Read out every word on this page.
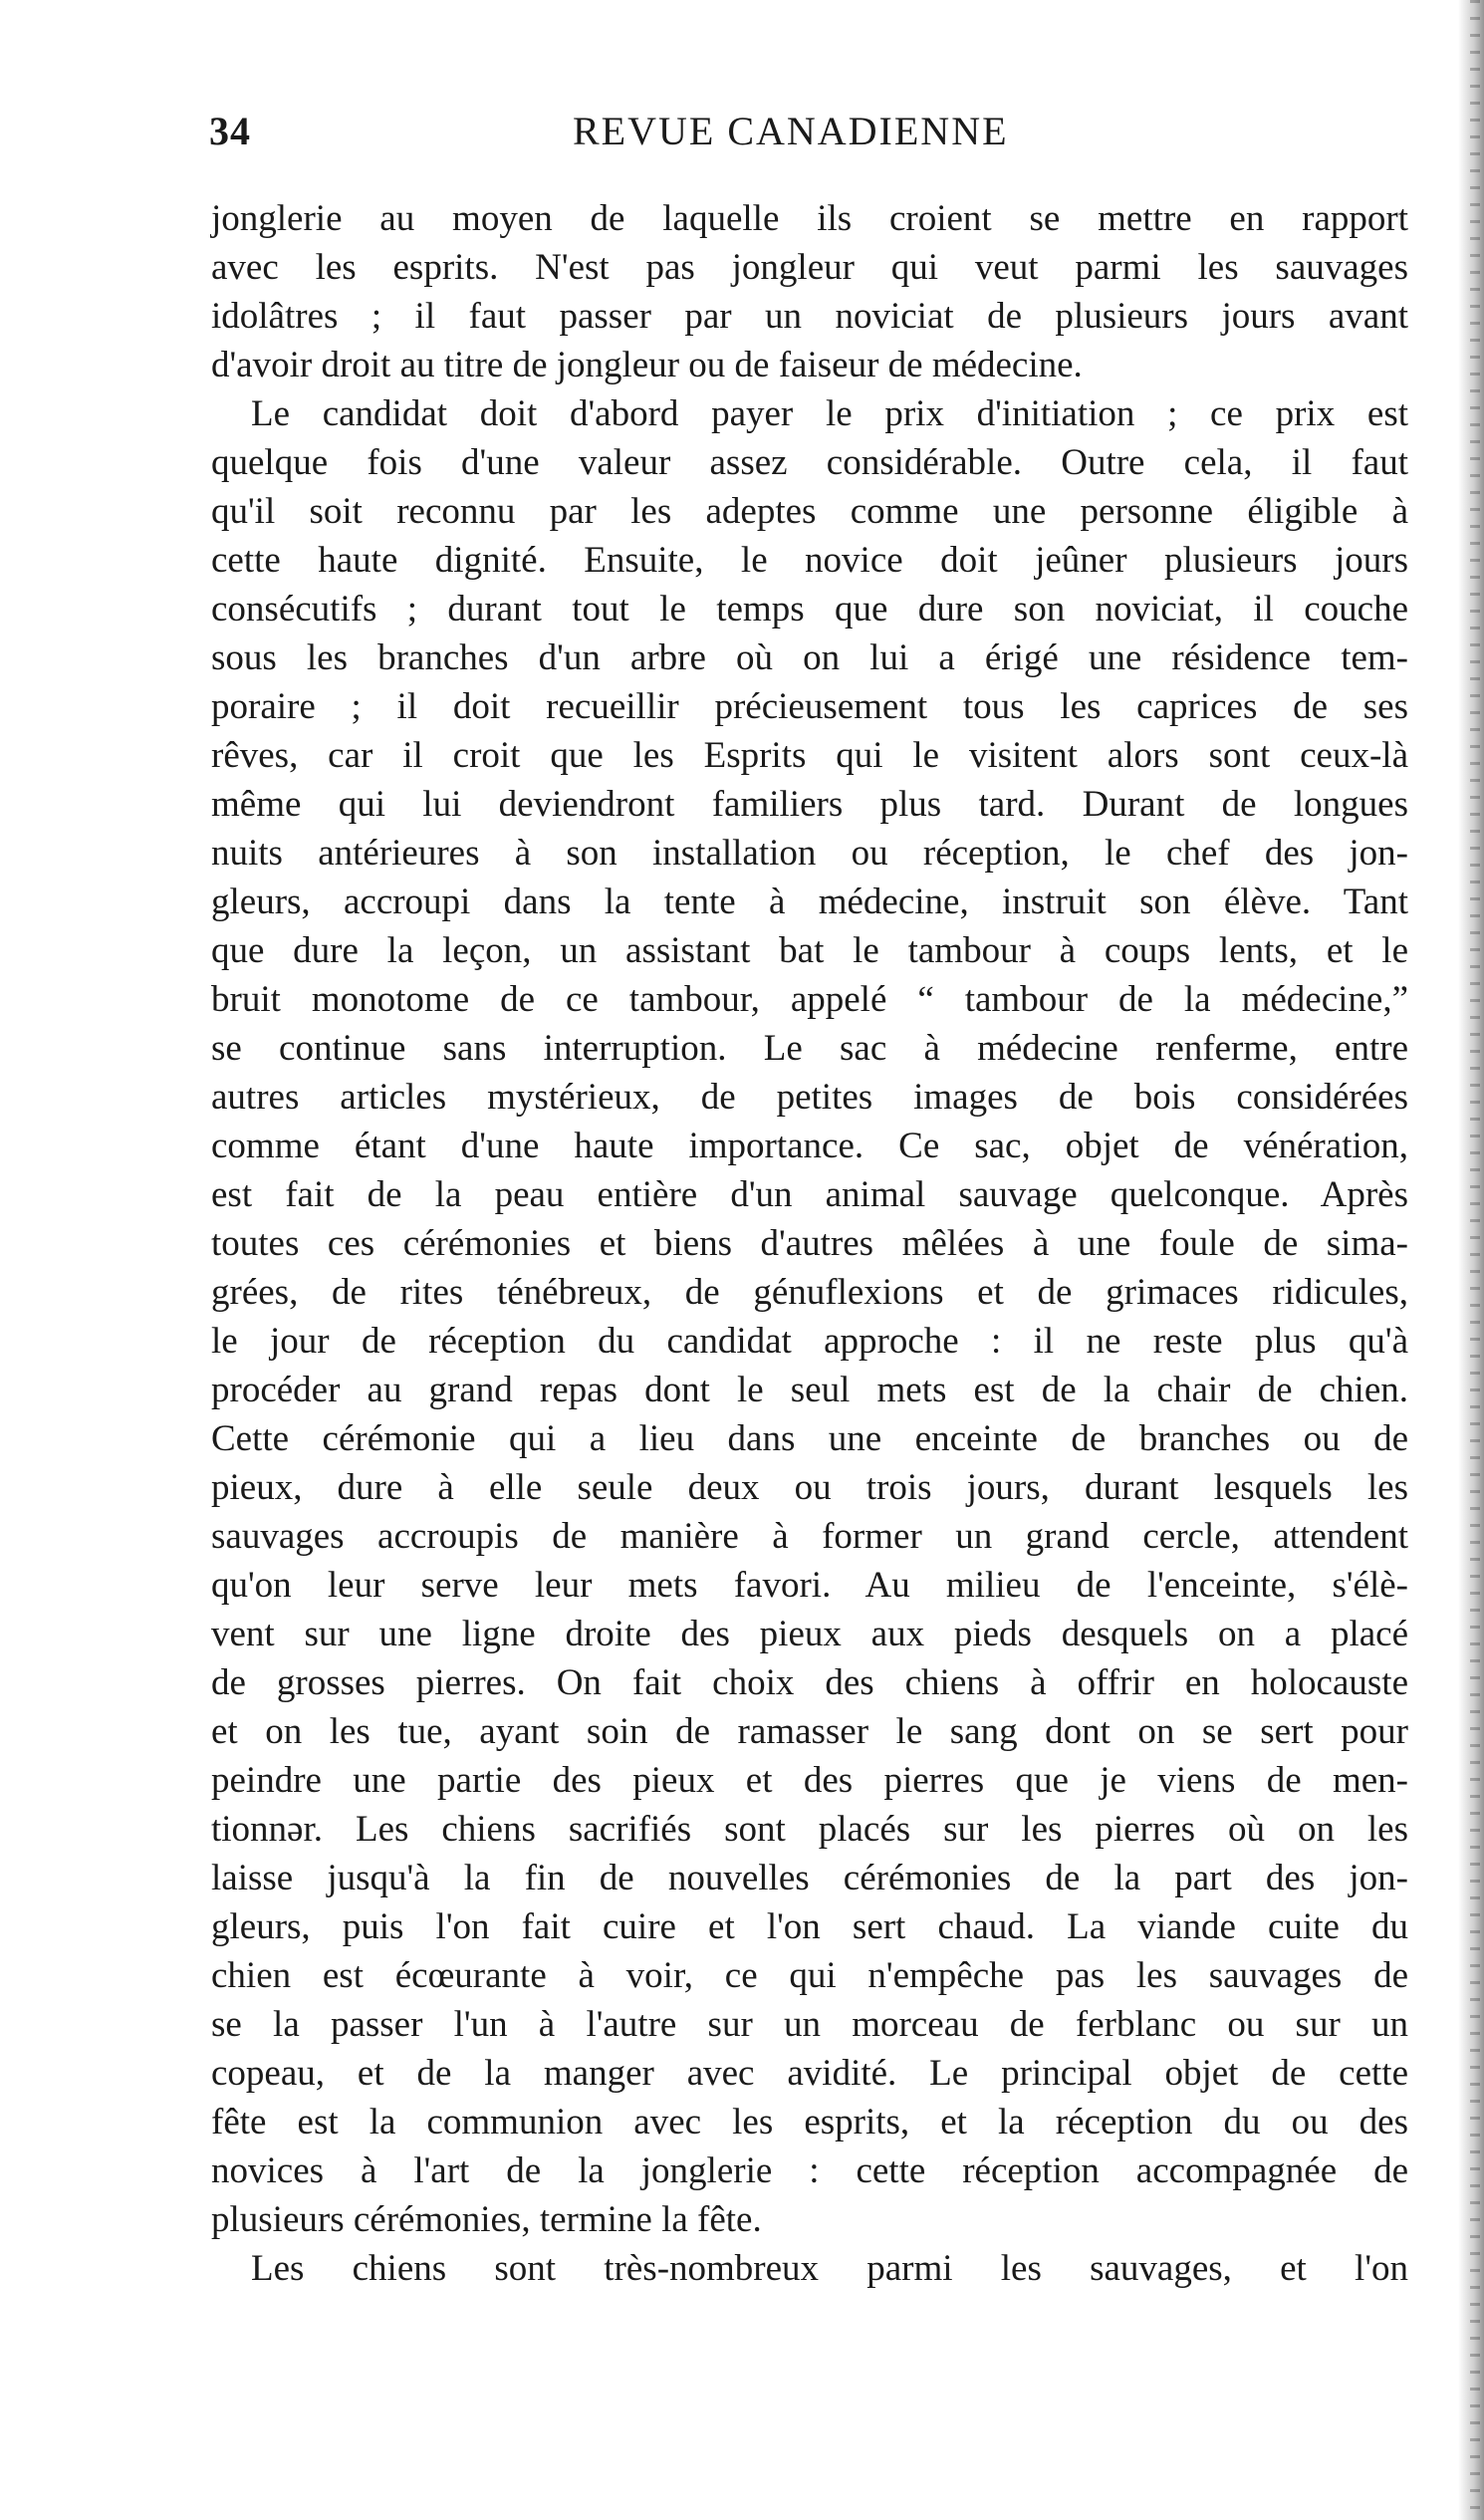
34	REVUE CANADIENNE
jonglerie au moyen de laquelle ils croient se mettre en rapport
avec les esprits. N'est pas jongleur qui veut parmi les sauvages
idolâtres ; il faut passer par un noviciat de plusieurs jours avant
d'avoir droit au titre de jongleur ou de faiseur de médecine.
Le candidat doit d'abord payer le prix d'initiation ; ce prix est
quelque fois d'une valeur assez considérable. Outre cela, il faut
qu'il soit reconnu par les adeptes comme une personne éligible à
cette haute dignité. Ensuite, le novice doit jeûner plusieurs jours
consécutifs ; durant tout le temps que dure son noviciat, il couche
sous les branches d'un arbre où on lui a érigé une résidence tem-
poraire ; il doit recueillir précieusement tous les caprices de ses
rêves, car il croit que les Esprits qui le visitent alors sont ceux-là
même qui lui deviendront familiers plus tard. Durant de longues
nuits antérieures à son installation ou réception, le chef des jon-
gleurs, accroupi dans la tente à médecine, instruit son élève. Tant
que dure la leçon, un assistant bat le tambour à coups lents, et le
bruit monotome de ce tambour, appelé “ tambour de la médecine,”
se continue sans interruption. Le sac à médecine renferme, entre
autres articles mystérieux, de petites images de bois considérées
comme étant d'une haute importance. Ce sac, objet de vénération,
est fait de la peau entière d'un animal sauvage quelconque. Après
toutes ces cérémonies et biens d'autres mêlées à une foule de sima-
grées, de rites ténébreux, de génuflexions et de grimaces ridicules,
le jour de réception du candidat approche : il ne reste plus qu'à
procéder au grand repas dont le seul mets est de la chair de chien.
Cette cérémonie qui a lieu dans une enceinte de branches ou de
pieux, dure à elle seule deux ou trois jours, durant lesquels les
sauvages accroupis de manière à former un grand cercle, attendent
qu'on leur serve leur mets favori. Au milieu de l'enceinte, s'élè-
vent sur une ligne droite des pieux aux pieds desquels on a placé
de grosses pierres. On fait choix des chiens à offrir en holocauste
et on les tue, ayant soin de ramasser le sang dont on se sert pour
peindre une partie des pieux et des pierres que je viens de men-
tionnər. Les chiens sacrifiés sont placés sur les pierres où on les
laisse jusqu'à la fin de nouvelles cérémonies de la part des jon-
gleurs, puis l'on fait cuire et l'on sert chaud. La viande cuite du
chien est écœurante à voir, ce qui n'empêche pas les sauvages de
se la passer l'un à l'autre sur un morceau de ferblanc ou sur un
copeau, et de la manger avec avidité. Le principal objet de cette
fête est la communion avec les esprits, et la réception du ou des
novices à l'art de la jonglerie : cette réception accompagnée de
plusieurs cérémonies, termine la fête.
Les chiens sont très-nombreux parmi les sauvages, et l'on
